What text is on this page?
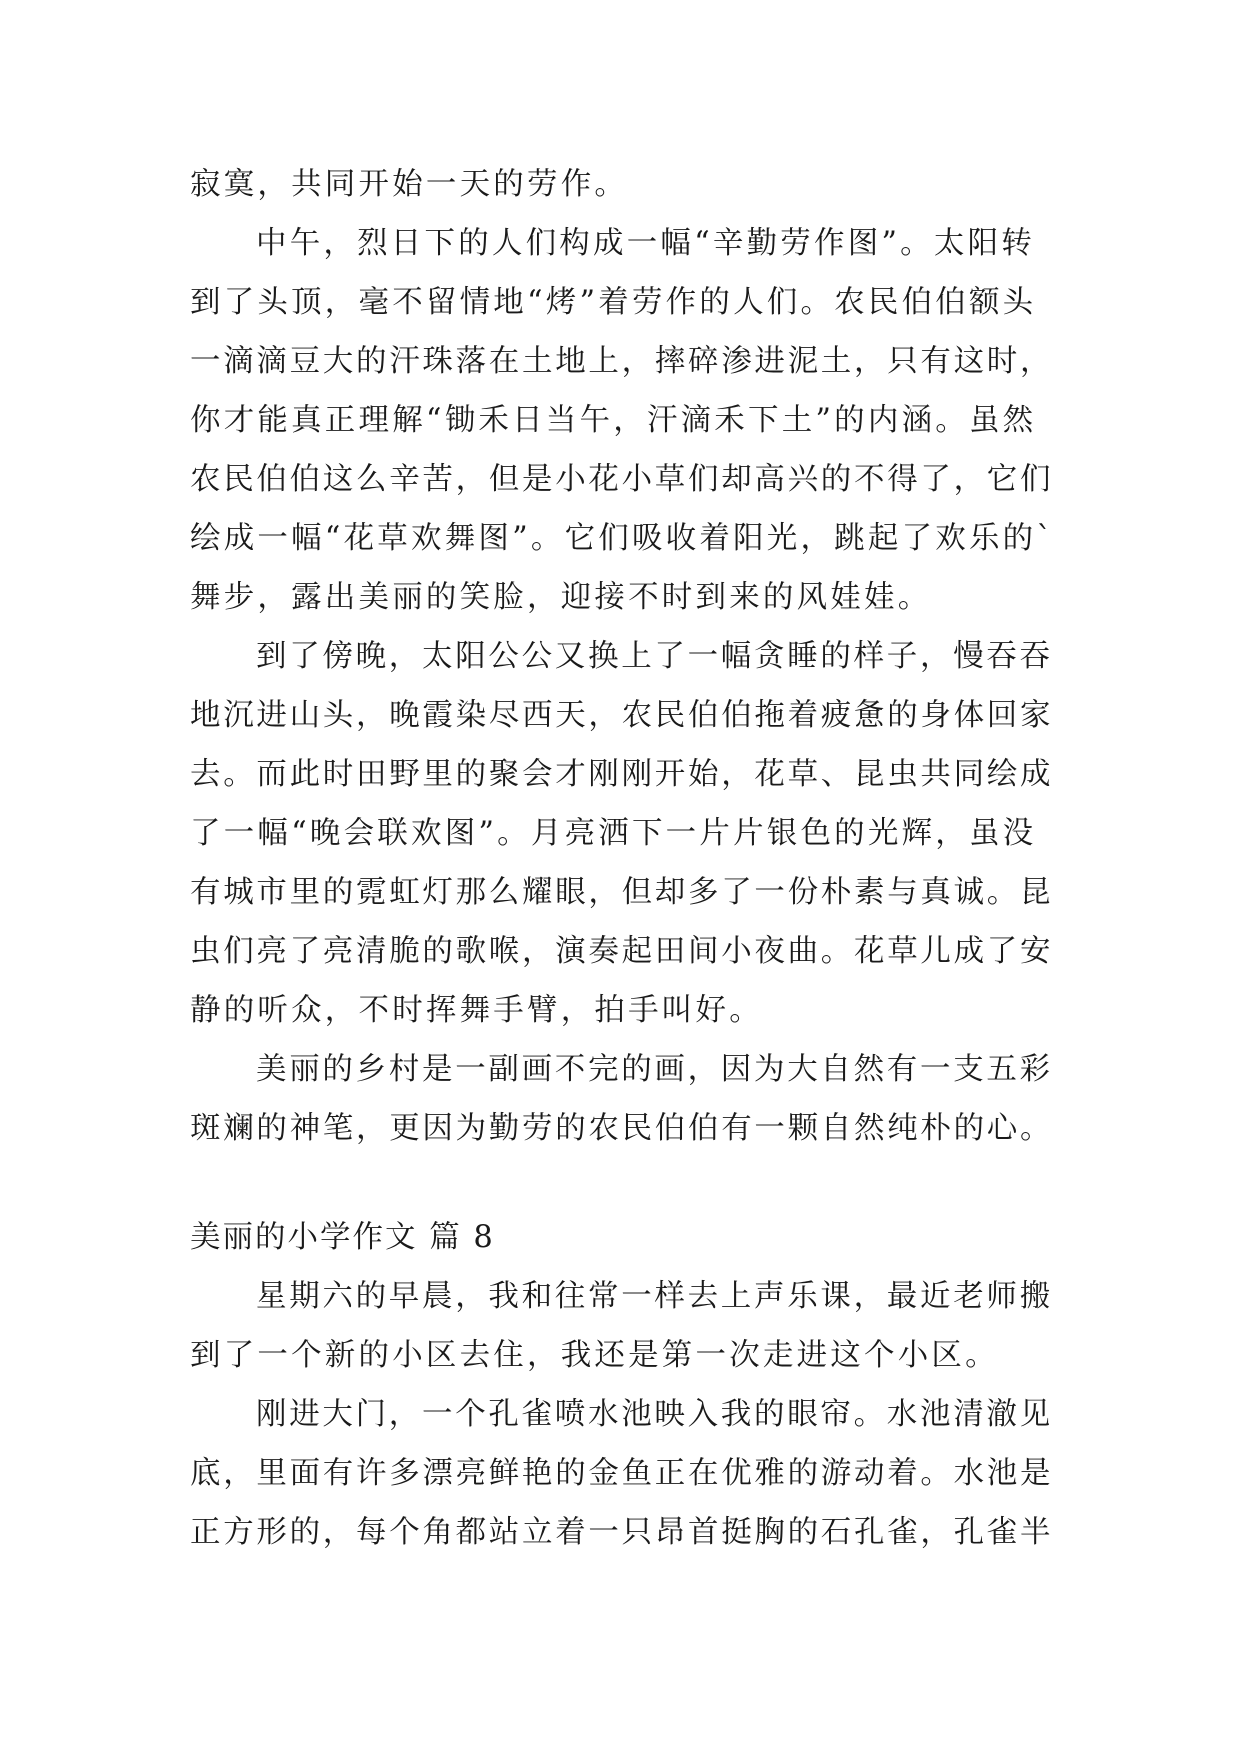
寂寞，共同开始一天的劳作。
中午，烈日下的人们构成一幅“辛勤劳作图”。太阳转
到了头顶，毫不留情地“烤”着劳作的人们。农民伯伯额头
一滴滴豆大的汗珠落在土地上，摔碎渗进泥土，只有这时，
你才能真正理解“锄禾日当午，汗滴禾下土”的内涵。虽然
农民伯伯这么辛苦，但是小花小草们却高兴的不得了，它们
绘成一幅“花草欢舞图”。它们吸收着阳光，跳起了欢乐的`
舞步，露出美丽的笑脸，迎接不时到来的风娃娃。
到了傍晚，太阳公公又换上了一幅贪睡的样子，慢吞吞
地沉进山头，晚霞染尽西天，农民伯伯拖着疲惫的身体回家
去。而此时田野里的聚会才刚刚开始，花草、昆虫共同绘成
了一幅“晚会联欢图”。月亮洒下一片片银色的光辉，虽没
有城市里的霓虹灯那么耀眼，但却多了一份朴素与真诚。昆
虫们亮了亮清脆的歌喉，演奏起田间小夜曲。花草儿成了安
静的听众，不时挥舞手臂，拍手叫好。
美丽的乡村是一副画不完的画，因为大自然有一支五彩
斑斓的神笔，更因为勤劳的农民伯伯有一颗自然纯朴的心。
美丽的小学作文 篇 8
星期六的早晨，我和往常一样去上声乐课，最近老师搬
到了一个新的小区去住，我还是第一次走进这个小区。
刚进大门，一个孔雀喷水池映入我的眼帘。水池清澈见
底，里面有许多漂亮鲜艳的金鱼正在优雅的游动着。水池是
正方形的，每个角都站立着一只昂首挺胸的石孔雀，孔雀半
